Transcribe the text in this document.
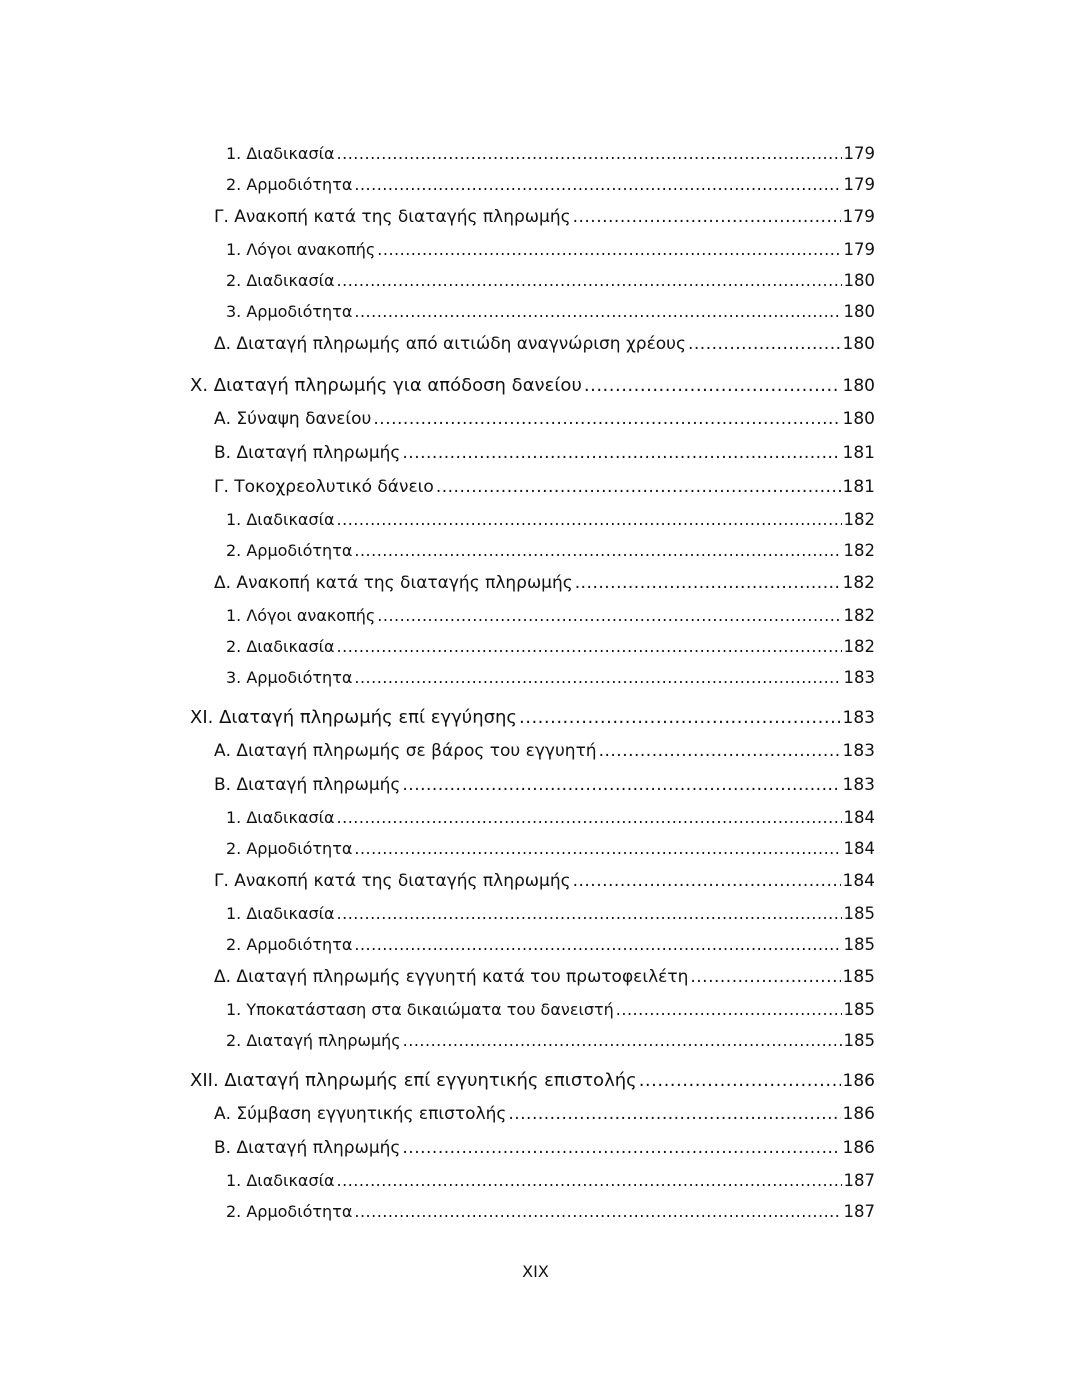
1. Διαδικασία .....	179
2. Αρμοδιότητα .....	179
Γ. Ανακοπή κατά της διαταγής πληρωμής .....	179
1. Λόγοι ανακοπής .....	179
2. Διαδικασία .....	180
3. Αρμοδιότητα .....	180
Δ. Διαταγή πληρωμής από αιτιώδη αναγνώριση χρέους .....	180
X. Διαταγή πληρωμής για απόδοση δανείου .....	180
Α. Σύναψη δανείου .....	180
Β. Διαταγή πληρωμής .....	181
Γ. Τοκοχρεολυτικό δάνειο .....	181
1. Διαδικασία .....	182
2. Αρμοδιότητα .....	182
Δ. Ανακοπή κατά της διαταγής πληρωμής .....	182
1. Λόγοι ανακοπής .....	182
2. Διαδικασία .....	182
3. Αρμοδιότητα .....	183
XI. Διαταγή πληρωμής επί εγγύησης .....	183
Α. Διαταγή πληρωμής σε βάρος του εγγυητή .....	183
Β. Διαταγή πληρωμής .....	183
1. Διαδικασία .....	184
2. Αρμοδιότητα .....	184
Γ. Ανακοπή κατά της διαταγής πληρωμής .....	184
1. Διαδικασία .....	185
2. Αρμοδιότητα .....	185
Δ. Διαταγή πληρωμής εγγυητή κατά του πρωτοφειλέτη .....	185
1. Υποκατάσταση στα δικαιώματα του δανειστή .....	185
2. Διαταγή πληρωμής .....	185
XII. Διαταγή πληρωμής επί εγγυητικής επιστολής .....	186
Α. Σύμβαση εγγυητικής επιστολής .....	186
Β. Διαταγή πληρωμής .....	186
1. Διαδικασία .....	187
2. Αρμοδιότητα .....	187
XIX
